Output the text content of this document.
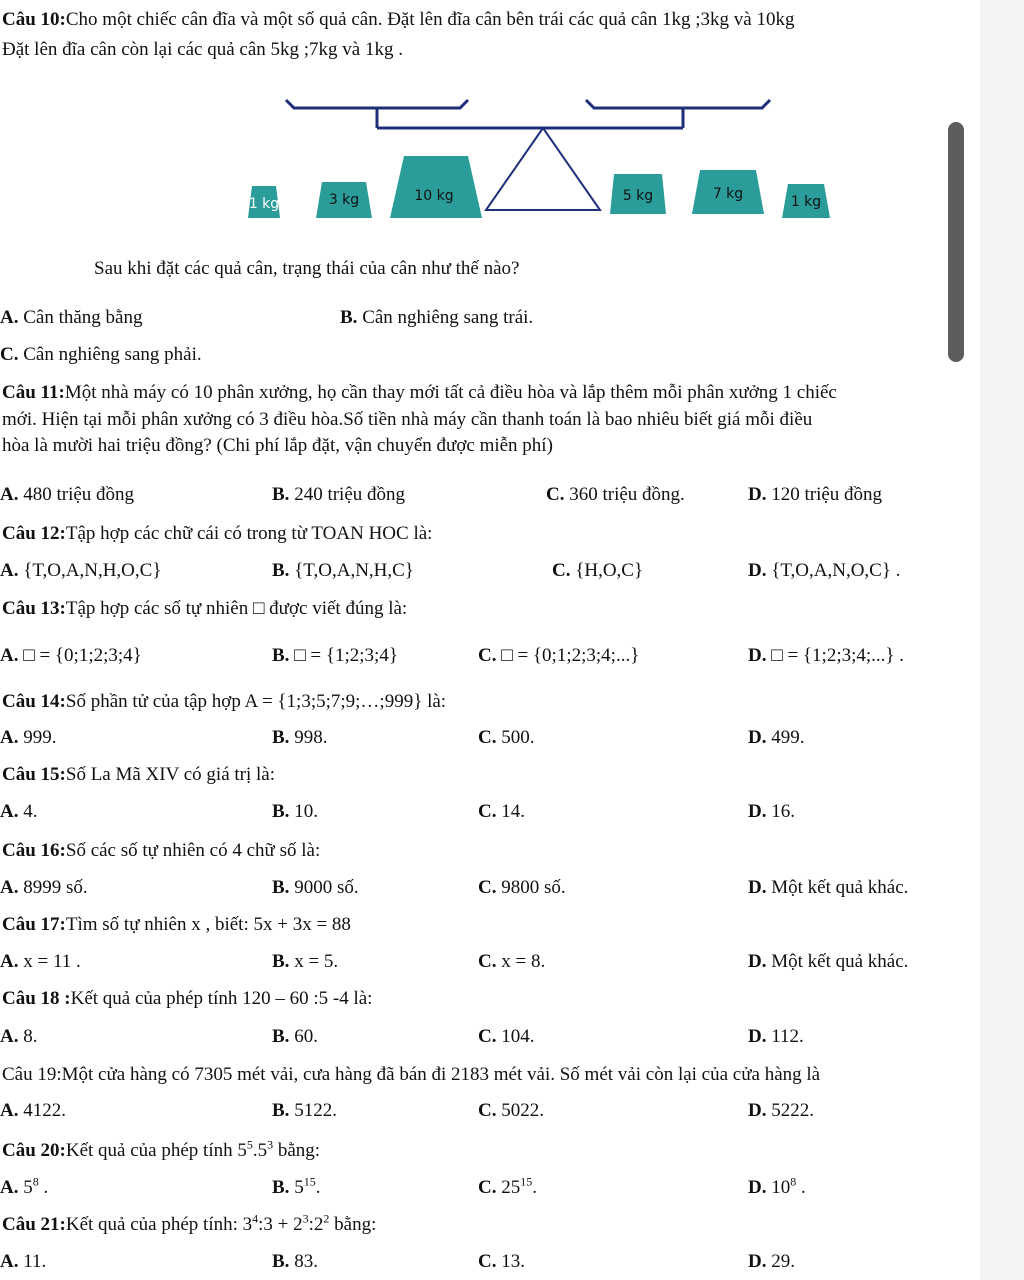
Câu 10:Cho một chiếc cân đĩa và một số quả cân. Đặt lên đĩa cân bên trái các quả cân 1kg ;3kg và 10kg
Đặt lên đĩa cân còn lại các quả cân 5kg ;7kg và 1kg .
1 kg	3 kg	10 kg	5 kg	7 kg	1 kg
Sau khi đặt các quả cân, trạng thái của cân như thế nào?
A. Cân thăng bằng	B. Cân nghiêng sang trái.
C. Cân nghiêng sang phải.
Câu 11:Một nhà máy có 10 phân xưởng, họ cần thay mới tất cả điều hòa và lắp thêm mỗi phân xưởng 1 chiếc
mới. Hiện tại mỗi phân xưởng có 3 điều hòa.Số tiền nhà máy cần thanh toán là bao nhiêu biết giá mỗi điều
hòa là mười hai triệu đồng? (Chi phí lắp đặt, vận chuyển được miễn phí)
A. 480 triệu đồng	B. 240 triệu đồng	C. 360 triệu đồng.	D. 120 triệu đồng
Câu 12:Tập hợp các chữ cái có trong từ TOAN HOC là:
A. {T,O,A,N,H,O,C}	B. {T,O,A,N,H,C}	C. {H,O,C}	D. {T,O,A,N,O,C} .
Câu 13:Tập hợp các số tự nhiên □ được viết đúng là:
A. □ = {0;1;2;3;4}	B. □ = {1;2;3;4}	C. □ = {0;1;2;3;4;...}	D. □ = {1;2;3;4;...} .
Câu 14:Số phần tử của tập hợp A = {1;3;5;7;9;…;999} là:
A. 999.	B. 998.	C. 500.	D. 499.
Câu 15:Số La Mã XIV có giá trị là:
A. 4.	B. 10.	C. 14.	D. 16.
Câu 16:Số các số tự nhiên có 4 chữ số là:
A. 8999 số.	B. 9000 số.	C. 9800 số.	D. Một kết quả khác.
Câu 17:Tìm số tự nhiên x , biết: 5x + 3x = 88
A. x = 11 .	B. x = 5.	C. x = 8.	D. Một kết quả khác.
Câu 18 :Kết quả của phép tính 120 – 60 :5 -4 là:
A. 8.	B. 60.	C. 104.	D. 112.
Câu 19:Một cửa hàng có 7305 mét vải, cưa hàng đã bán đi 2183 mét vải. Số mét vải còn lại của cửa hàng là
A. 4122.	B. 5122.	C. 5022.	D. 5222.
Câu 20:Kết quả của phép tính $5^5.5^3$ bằng:
A. $5^8$ .	B. $5^{15}$.	C. $25^{15}$.	D. $10^8$ .
Câu 21:Kết quả của phép tính: $3^4:3$ + $2^3:2^2$ bằng:
A. 11.	B. 83.	C. 13.	D. 29.
